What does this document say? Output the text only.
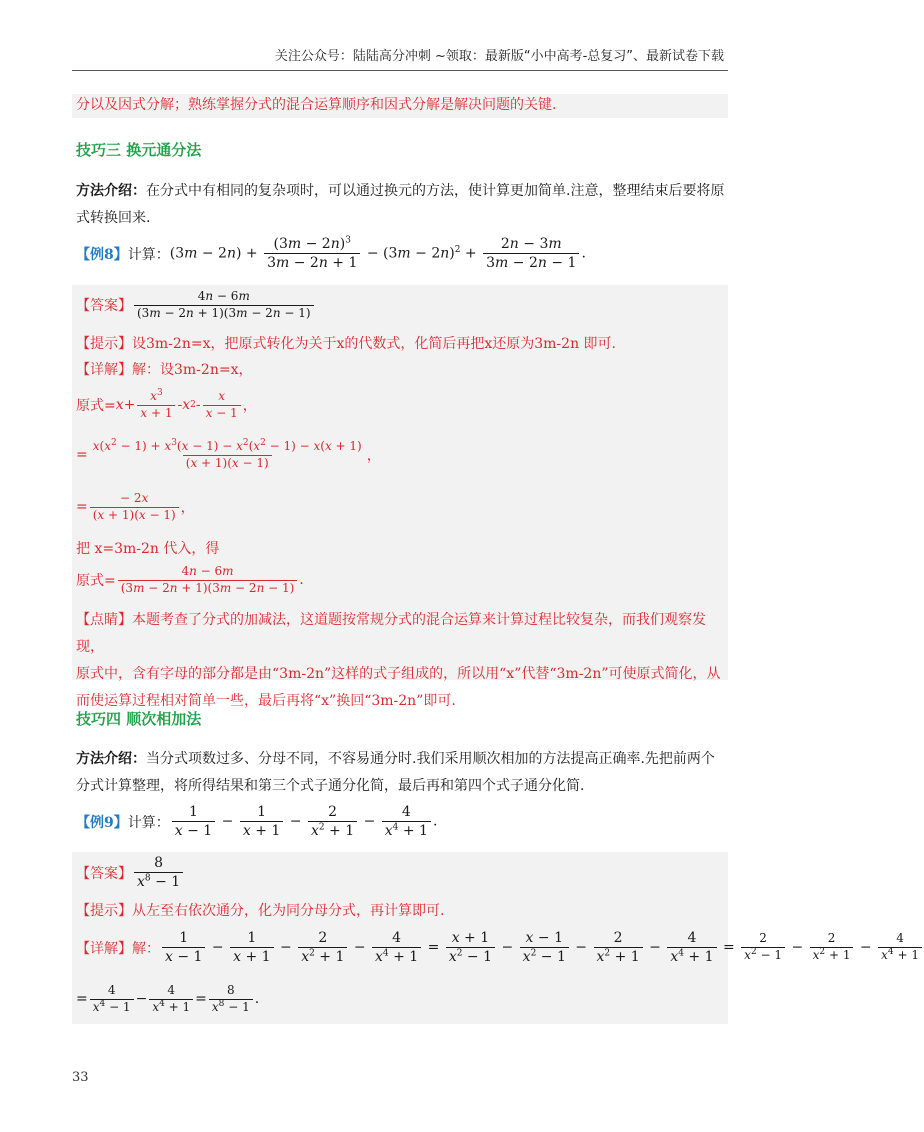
关注公众号：陆陆高分冲刺 ~领取：最新版“小中高考-总复习”、最新试卷下载
分以及因式分解；熟练掌握分式的混合运算顺序和因式分解是解决问题的关键.
技巧三 换元通分法
方法介绍：在分式中有相同的复杂项时，可以通过换元的方法，使计算更加简单.注意，整理结束后要将原
式转换回来.
【例8】 计算： $(3m - 2n) + \frac{(3m - 2n)^3}{3m - 2n + 1} - (3m - 2n)^2 + \frac{2n - 3m}{3m - 2n - 1}$ .
【答案】 $\frac{4n - 6m}{(3m - 2n + 1)(3m - 2n - 1)}$
【提示】设3m-2n=x，把原式转化为关于x的代数式，化简后再把x还原为3m-2n 即可.
【详解】解：设3m-2n=x，
原式= $x + \frac{x^3}{x + 1} - x$ $2 - \frac{x}{x - 1}$ ，
= $\frac{x(x^2 - 1) + x^3(x - 1) - x^2(x^2 - 1) - x(x + 1)}{(x + 1)(x - 1)}$ ，
= $\frac{- 2x}{(x + 1)(x - 1)}$ ，
把 x=3m-2n 代入，得
原式= $\frac{4n - 6m}{(3m - 2n + 1)(3m - 2n - 1)}$ .
【点睛】本题考查了分式的加减法，这道题按常规分式的混合运算来计算过程比较复杂，而我们观察发现，
原式中，含有字母的部分都是由“3m-2n”这样的式子组成的，所以用“x”代替“3m-2n”可使原式简化，从
而使运算过程相对简单一些，最后再将“x”换回“3m-2n”即可.
技巧四 顺次相加法
方法介绍：当分式项数过多、分母不同，不容易通分时.我们采用顺次相加的方法提高正确率.先把前两个
分式计算整理，将所得结果和第三个式子通分化简，最后再和第四个式子通分化简.
【例9】 计算： $\frac{1}{x - 1} - \frac{1}{x + 1} - \frac{2}{x^2 + 1} - \frac{4}{x^4 + 1}$ .
【答案】 $\frac{8}{x^8 - 1}$
【提示】从左至右依次通分，化为同分母分式，再计算即可.
【详解】 解： $\frac{1}{x - 1} - \frac{1}{x + 1} - \frac{2}{x^2 + 1} - \frac{4}{x^4 + 1} = \frac{x + 1}{x^2 - 1} - \frac{x - 1}{x^2 - 1} - \frac{2}{x^2 + 1} - \frac{4}{x^4 + 1} = \frac{2}{x^2 - 1} - \frac{2}{x^2 + 1} - \frac{4}{x^4 + 1}$
= $\frac{4}{x^4 - 1} - \frac{4}{x^4 + 1} = \frac{8}{x^8 - 1}$ .
33
